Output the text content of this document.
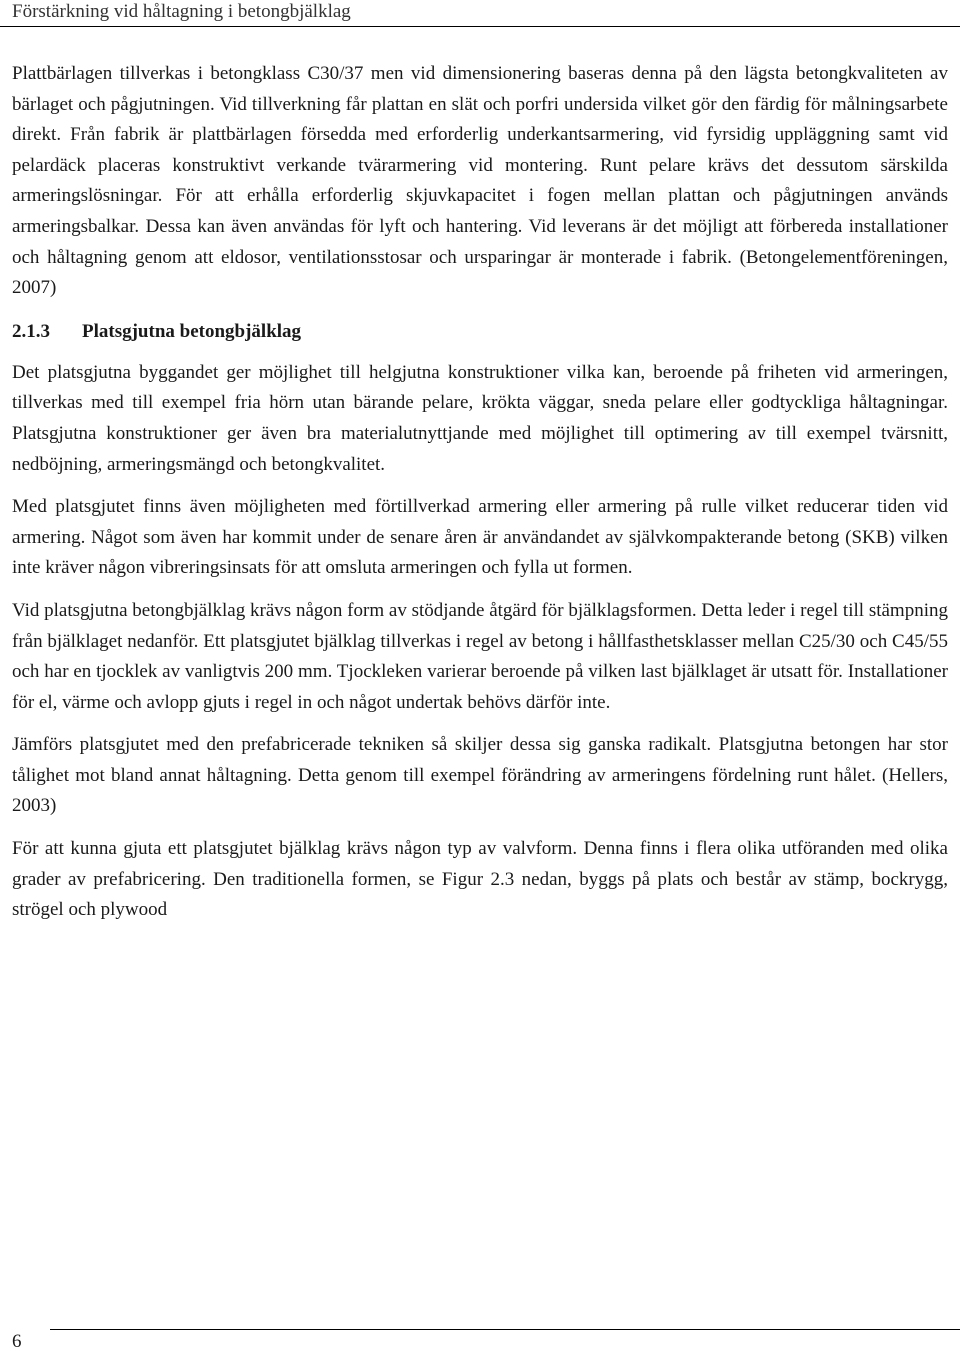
Förstärkning vid håltagning i betongbjälklag

Plattbärlagen tillverkas i betongklass C30/37 men vid dimensionering baseras denna på den lägsta betongkvaliteten av bärlaget och pågjutningen. Vid tillverkning får plattan en slät och porfri undersida vilket gör den färdig för målningsarbete direkt. Från fabrik är plattbärlagen försedda med erforderlig underkantsarmering, vid fyrsidig uppläggning samt vid pelardäck placeras konstruktivt verkande tvärarmering vid montering. Runt pelare krävs det dessutom särskilda armeringslösningar. För att erhålla erforderlig skjuvkapacitet i fogen mellan plattan och pågjutningen används armeringsbalkar. Dessa kan även användas för lyft och hantering. Vid leverans är det möjligt att förbereda installationer och håltagning genom att eldosor, ventilationsstosar och ursparingar är monterade i fabrik. (Betongelementföreningen, 2007)

2.1.3 Platsgjutna betongbjälklag

Det platsgjutna byggandet ger möjlighet till helgjutna konstruktioner vilka kan, beroende på friheten vid armeringen, tillverkas med till exempel fria hörn utan bärande pelare, krökta väggar, sneda pelare eller godtyckliga håltagningar. Platsgjutna konstruktioner ger även bra materialutnyttjande med möjlighet till optimering av till exempel tvärsnitt, nedböjning, armeringsmängd och betongkvalitet.

Med platsgjutet finns även möjligheten med förtillverkad armering eller armering på rulle vilket reducerar tiden vid armering. Något som även har kommit under de senare åren är användandet av självkompakterande betong (SKB) vilken inte kräver någon vibreringsinsats för att omsluta armeringen och fylla ut formen.

Vid platsgjutna betongbjälklag krävs någon form av stödjande åtgärd för bjälklagsformen. Detta leder i regel till stämpning från bjälklaget nedanför. Ett platsgjutet bjälklag tillverkas i regel av betong i hållfasthetsklasser mellan C25/30 och C45/55 och har en tjocklek av vanligtvis 200 mm. Tjockleken varierar beroende på vilken last bjälklaget är utsatt för. Installationer för el, värme och avlopp gjuts i regel in och något undertak behövs därför inte.

Jämförs platsgjutet med den prefabricerade tekniken så skiljer dessa sig ganska radikalt. Platsgjutna betongen har stor tålighet mot bland annat håltagning. Detta genom till exempel förändring av armeringens fördelning runt hålet. (Hellers, 2003)

För att kunna gjuta ett platsgjutet bjälklag krävs någon typ av valvform. Denna finns i flera olika utföranden med olika grader av prefabricering. Den traditionella formen, se Figur 2.3 nedan, byggs på plats och består av stämp, bockrygg, strögel och plywood

6
